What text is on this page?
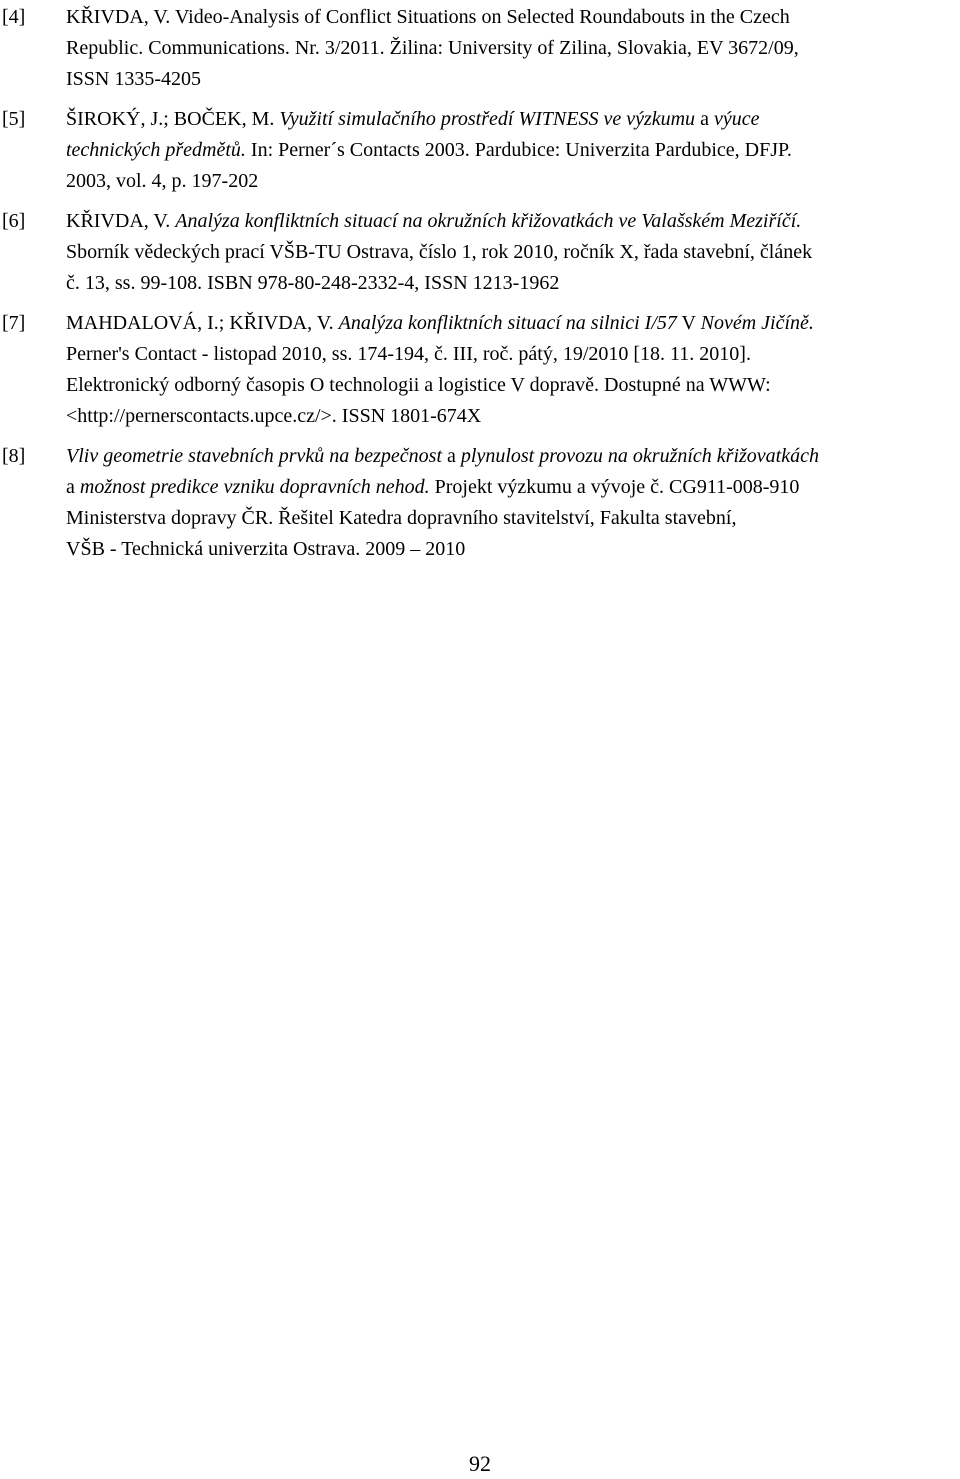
[4]	KŘIVDA, V. Video-Analysis of Conflict Situations on Selected Roundabouts in the Czech
Republic. Communications. Nr. 3/2011. Žilina: University of Zilina, Slovakia, EV 3672/09,
ISSN 1335-4205
[5]	ŠIROKÝ, J.; BOČEK, M. Využití simulačního prostředí WITNESS ve výzkumu a výuce
technických předmětů. In: Perner´s Contacts 2003. Pardubice: Univerzita Pardubice, DFJP.
2003, vol. 4, p. 197-202
[6]	KŘIVDA, V. Analýza konfliktních situací na okružních křižovatkách ve Valašském Meziříčí.
Sborník vědeckých prací VŠB-TU Ostrava, číslo 1, rok 2010, ročník X, řada stavební, článek
č. 13, ss. 99-108. ISBN 978-80-248-2332-4, ISSN 1213-1962
[7]	MAHDALOVÁ, I.; KŘIVDA, V. Analýza konfliktních situací na silnici I/57 V Novém Jičíně.
Perner's Contact - listopad 2010, ss. 174-194, č. III, roč. pátý, 19/2010 [18. 11. 2010].
Elektronický odborný časopis O technologii a logistice V dopravě. Dostupné na WWW:
<http://pernerscontacts.upce.cz/>. ISSN 1801-674X
[8]	Vliv geometrie stavebních prvků na bezpečnost a plynulost provozu na okružních křižovatkách
a možnost predikce vzniku dopravních nehod. Projekt výzkumu a vývoje č. CG911-008-910
Ministerstva dopravy ČR. Řešitel Katedra dopravního stavitelství, Fakulta stavební,
VŠB - Technická univerzita Ostrava. 2009 – 2010
92
